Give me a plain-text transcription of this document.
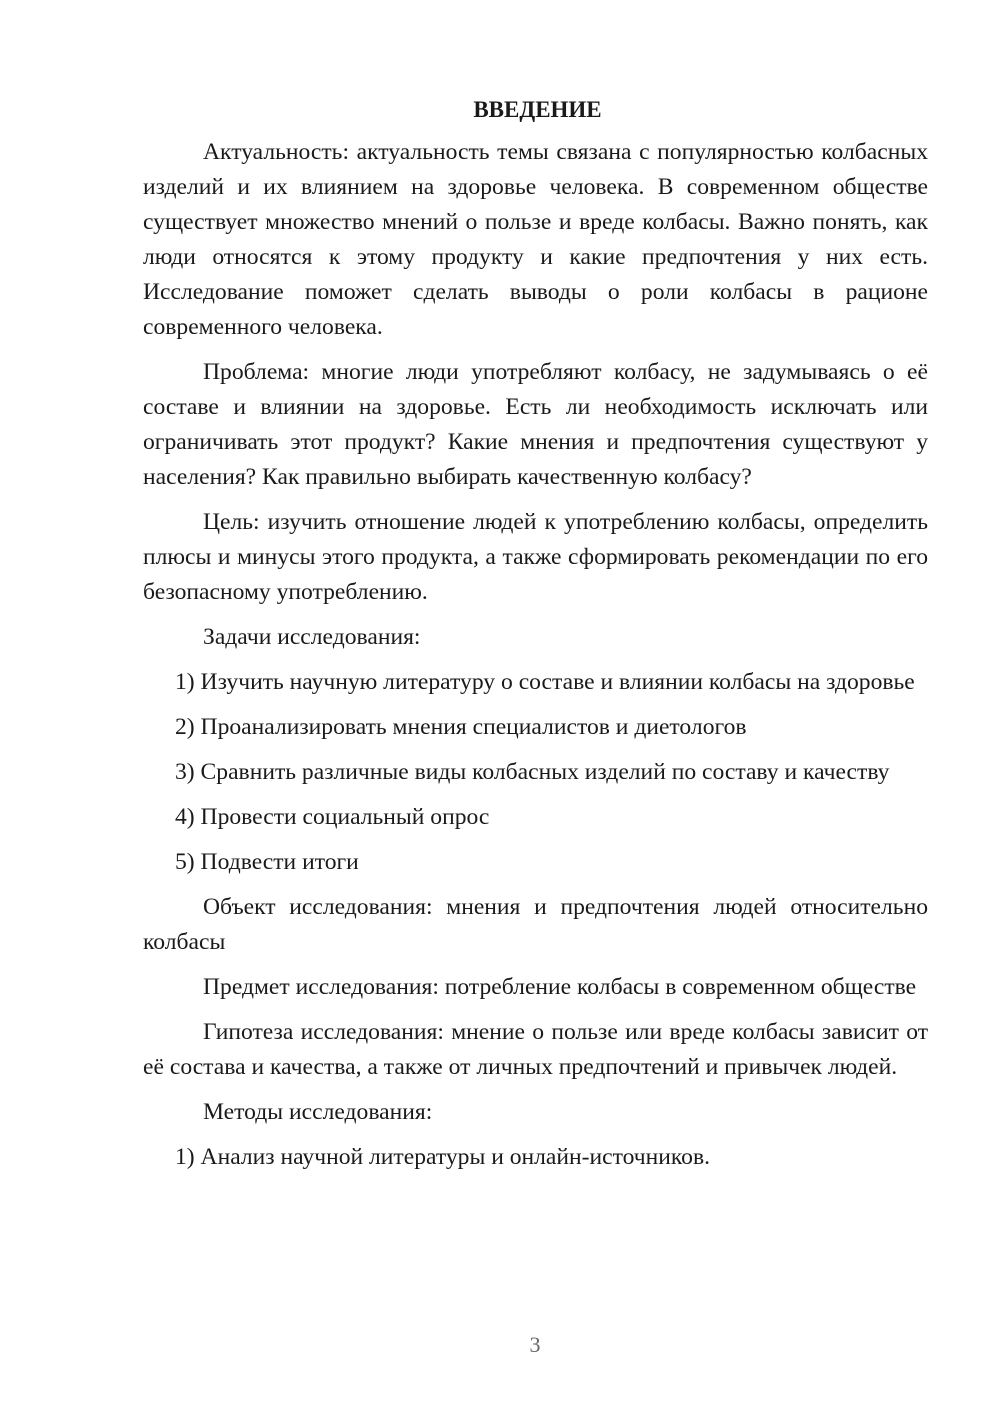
ВВЕДЕНИЕ

Актуальность: актуальность темы связана с популярностью колбасных изделий и их влиянием на здоровье человека. В современном обществе существует множество мнений о пользе и вреде колбасы. Важно понять, как люди относятся к этому продукту и какие предпочтения у них есть. Исследование поможет сделать выводы о роли колбасы в рационе современного человека.

Проблема: многие люди употребляют колбасу, не задумываясь о её составе и влиянии на здоровье. Есть ли необходимость исключать или ограничивать этот продукт? Какие мнения и предпочтения существуют у населения? Как правильно выбирать качественную колбасу?

Цель: изучить отношение людей к употреблению колбасы, определить плюсы и минусы этого продукта, а также сформировать рекомендации по его безопасному употреблению.

Задачи исследования:

1) Изучить научную литературу о составе и влиянии колбасы на здоровье

2) Проанализировать мнения специалистов и диетологов

3) Сравнить различные виды колбасных изделий по составу и качеству

4) Провести социальный опрос

5) Подвести итоги

Объект исследования: мнения и предпочтения людей относительно колбасы

Предмет исследования: потребление колбасы в современном обществе

Гипотеза исследования: мнение о пользе или вреде колбасы зависит от её состава и качества, а также от личных предпочтений и привычек людей.

Методы исследования:

1) Анализ научной литературы и онлайн-источников.

3
